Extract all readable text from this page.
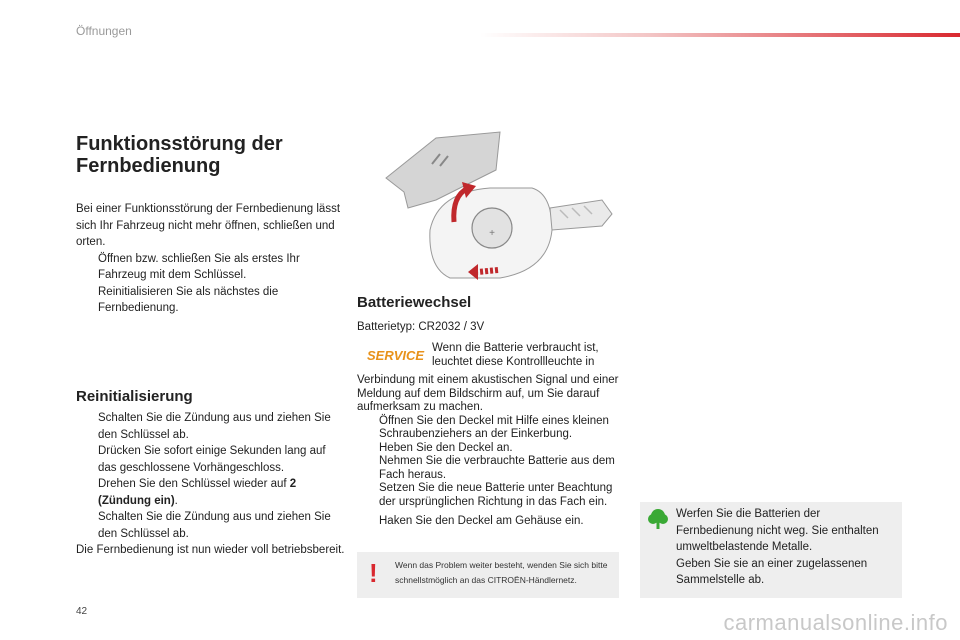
Öffnungen
Funktionsstörung der Fernbedienung
Bei einer Funktionsstörung der Fernbedienung lässt sich Ihr Fahrzeug nicht mehr öffnen, schließen und orten.
Öffnen bzw. schließen Sie als erstes Ihr Fahrzeug mit dem Schlüssel.
Reinitialisieren Sie als nächstes die Fernbedienung.
Reinitialisierung
Schalten Sie die Zündung aus und ziehen Sie den Schlüssel ab.
Drücken Sie sofort einige Sekunden lang auf das geschlossene Vorhängeschloss.
Drehen Sie den Schlüssel wieder auf 2 (Zündung ein).
Schalten Sie die Zündung aus und ziehen Sie den Schlüssel ab.
Die Fernbedienung ist nun wieder voll betriebsbereit.
+
Batteriewechsel
Batterietyp: CR2032 / 3V
SERVICE Wenn die Batterie verbraucht ist, leuchtet diese Kontrollleuchte in
Verbindung mit einem akustischen Signal und einer Meldung auf dem Bildschirm auf, um Sie darauf aufmerksam zu machen.
Öffnen Sie den Deckel mit Hilfe eines kleinen Schraubenziehers an der Einkerbung.
Heben Sie den Deckel an.
Nehmen Sie die verbrauchte Batterie aus dem Fach heraus.
Setzen Sie die neue Batterie unter Beachtung der ursprünglichen Richtung in das Fach ein.
Haken Sie den Deckel am Gehäuse ein.
! Wenn das Problem weiter besteht, wenden Sie sich bitte schnellstmöglich an das CITROËN-Händlernetz.
Werfen Sie die Batterien der Fernbedienung nicht weg. Sie enthalten umweltbelastende Metalle.
Geben Sie sie an einer zugelassenen Sammelstelle ab.
42	carmanualsonline.info
